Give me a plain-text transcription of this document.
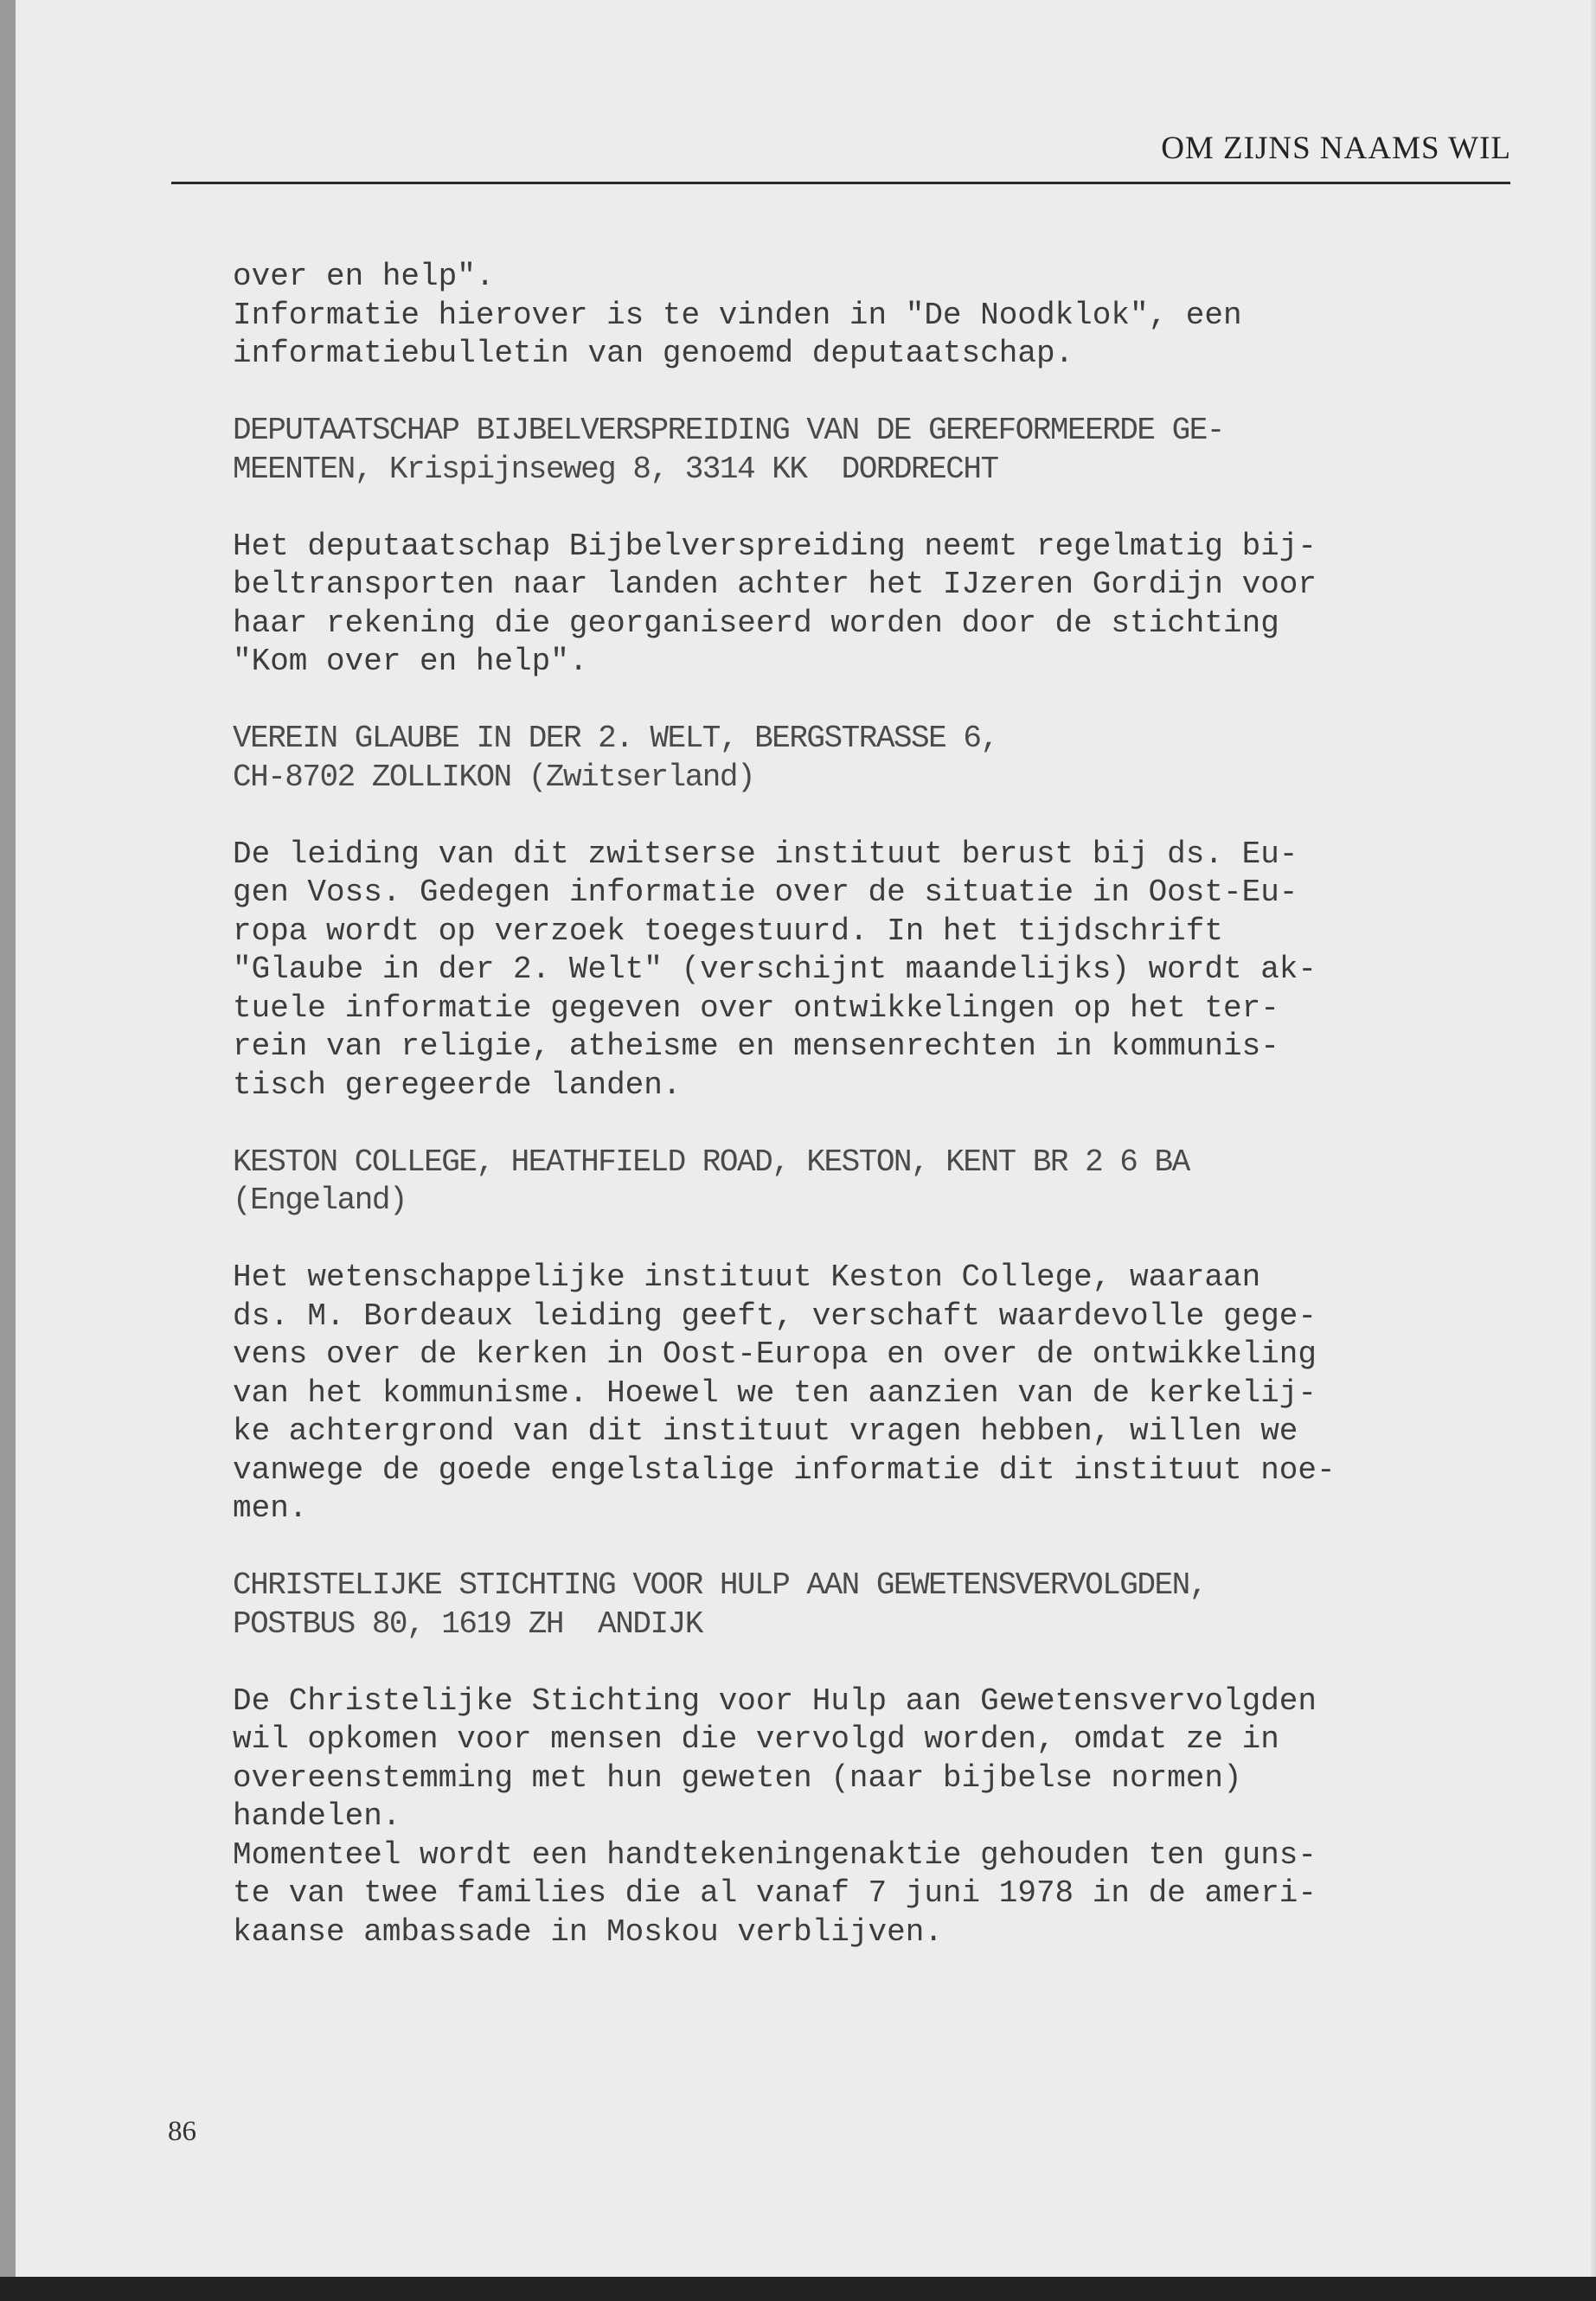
OM ZIJNS NAAMS WIL
over en help".
Informatie hierover is te vinden in "De Noodklok", een
informatiebulletin van genoemd deputaatschap.
DEPUTAATSCHAP BIJBELVERSPREIDING VAN DE GEREFORMEERDE GE-
MEENTEN, Krispijnseweg 8, 3314 KK  DORDRECHT
Het deputaatschap Bijbelverspreiding neemt regelmatig bij-
beltransporten naar landen achter het IJzeren Gordijn voor
haar rekening die georganiseerd worden door de stichting
"Kom over en help".
VEREIN GLAUBE IN DER 2. WELT, BERGSTRASSE 6,
CH-8702 ZOLLIKON (Zwitserland)
De leiding van dit zwitserse instituut berust bij ds. Eu-
gen Voss. Gedegen informatie over de situatie in Oost-Eu-
ropa wordt op verzoek toegestuurd. In het tijdschrift
"Glaube in der 2. Welt" (verschijnt maandelijks) wordt ak-
tuele informatie gegeven over ontwikkelingen op het ter-
rein van religie, atheisme en mensenrechten in kommunis-
tisch geregeerde landen.
KESTON COLLEGE, HEATHFIELD ROAD, KESTON, KENT BR 2 6 BA
(Engeland)
Het wetenschappelijke instituut Keston College, waaraan
ds. M. Bordeaux leiding geeft, verschaft waardevolle gege-
vens over de kerken in Oost-Europa en over de ontwikkeling
van het kommunisme. Hoewel we ten aanzien van de kerkelij-
ke achtergrond van dit instituut vragen hebben, willen we
vanwege de goede engelstalige informatie dit instituut noe-
men.
CHRISTELIJKE STICHTING VOOR HULP AAN GEWETENSVERVOLGDEN,
POSTBUS 80, 1619 ZH  ANDIJK
De Christelijke Stichting voor Hulp aan Gewetensvervolgden
wil opkomen voor mensen die vervolgd worden, omdat ze in
overeenstemming met hun geweten (naar bijbelse normen)
handelen.
Momenteel wordt een handtekeningenaktie gehouden ten guns-
te van twee families die al vanaf 7 juni 1978 in de ameri-
kaanse ambassade in Moskou verblijven.
86
